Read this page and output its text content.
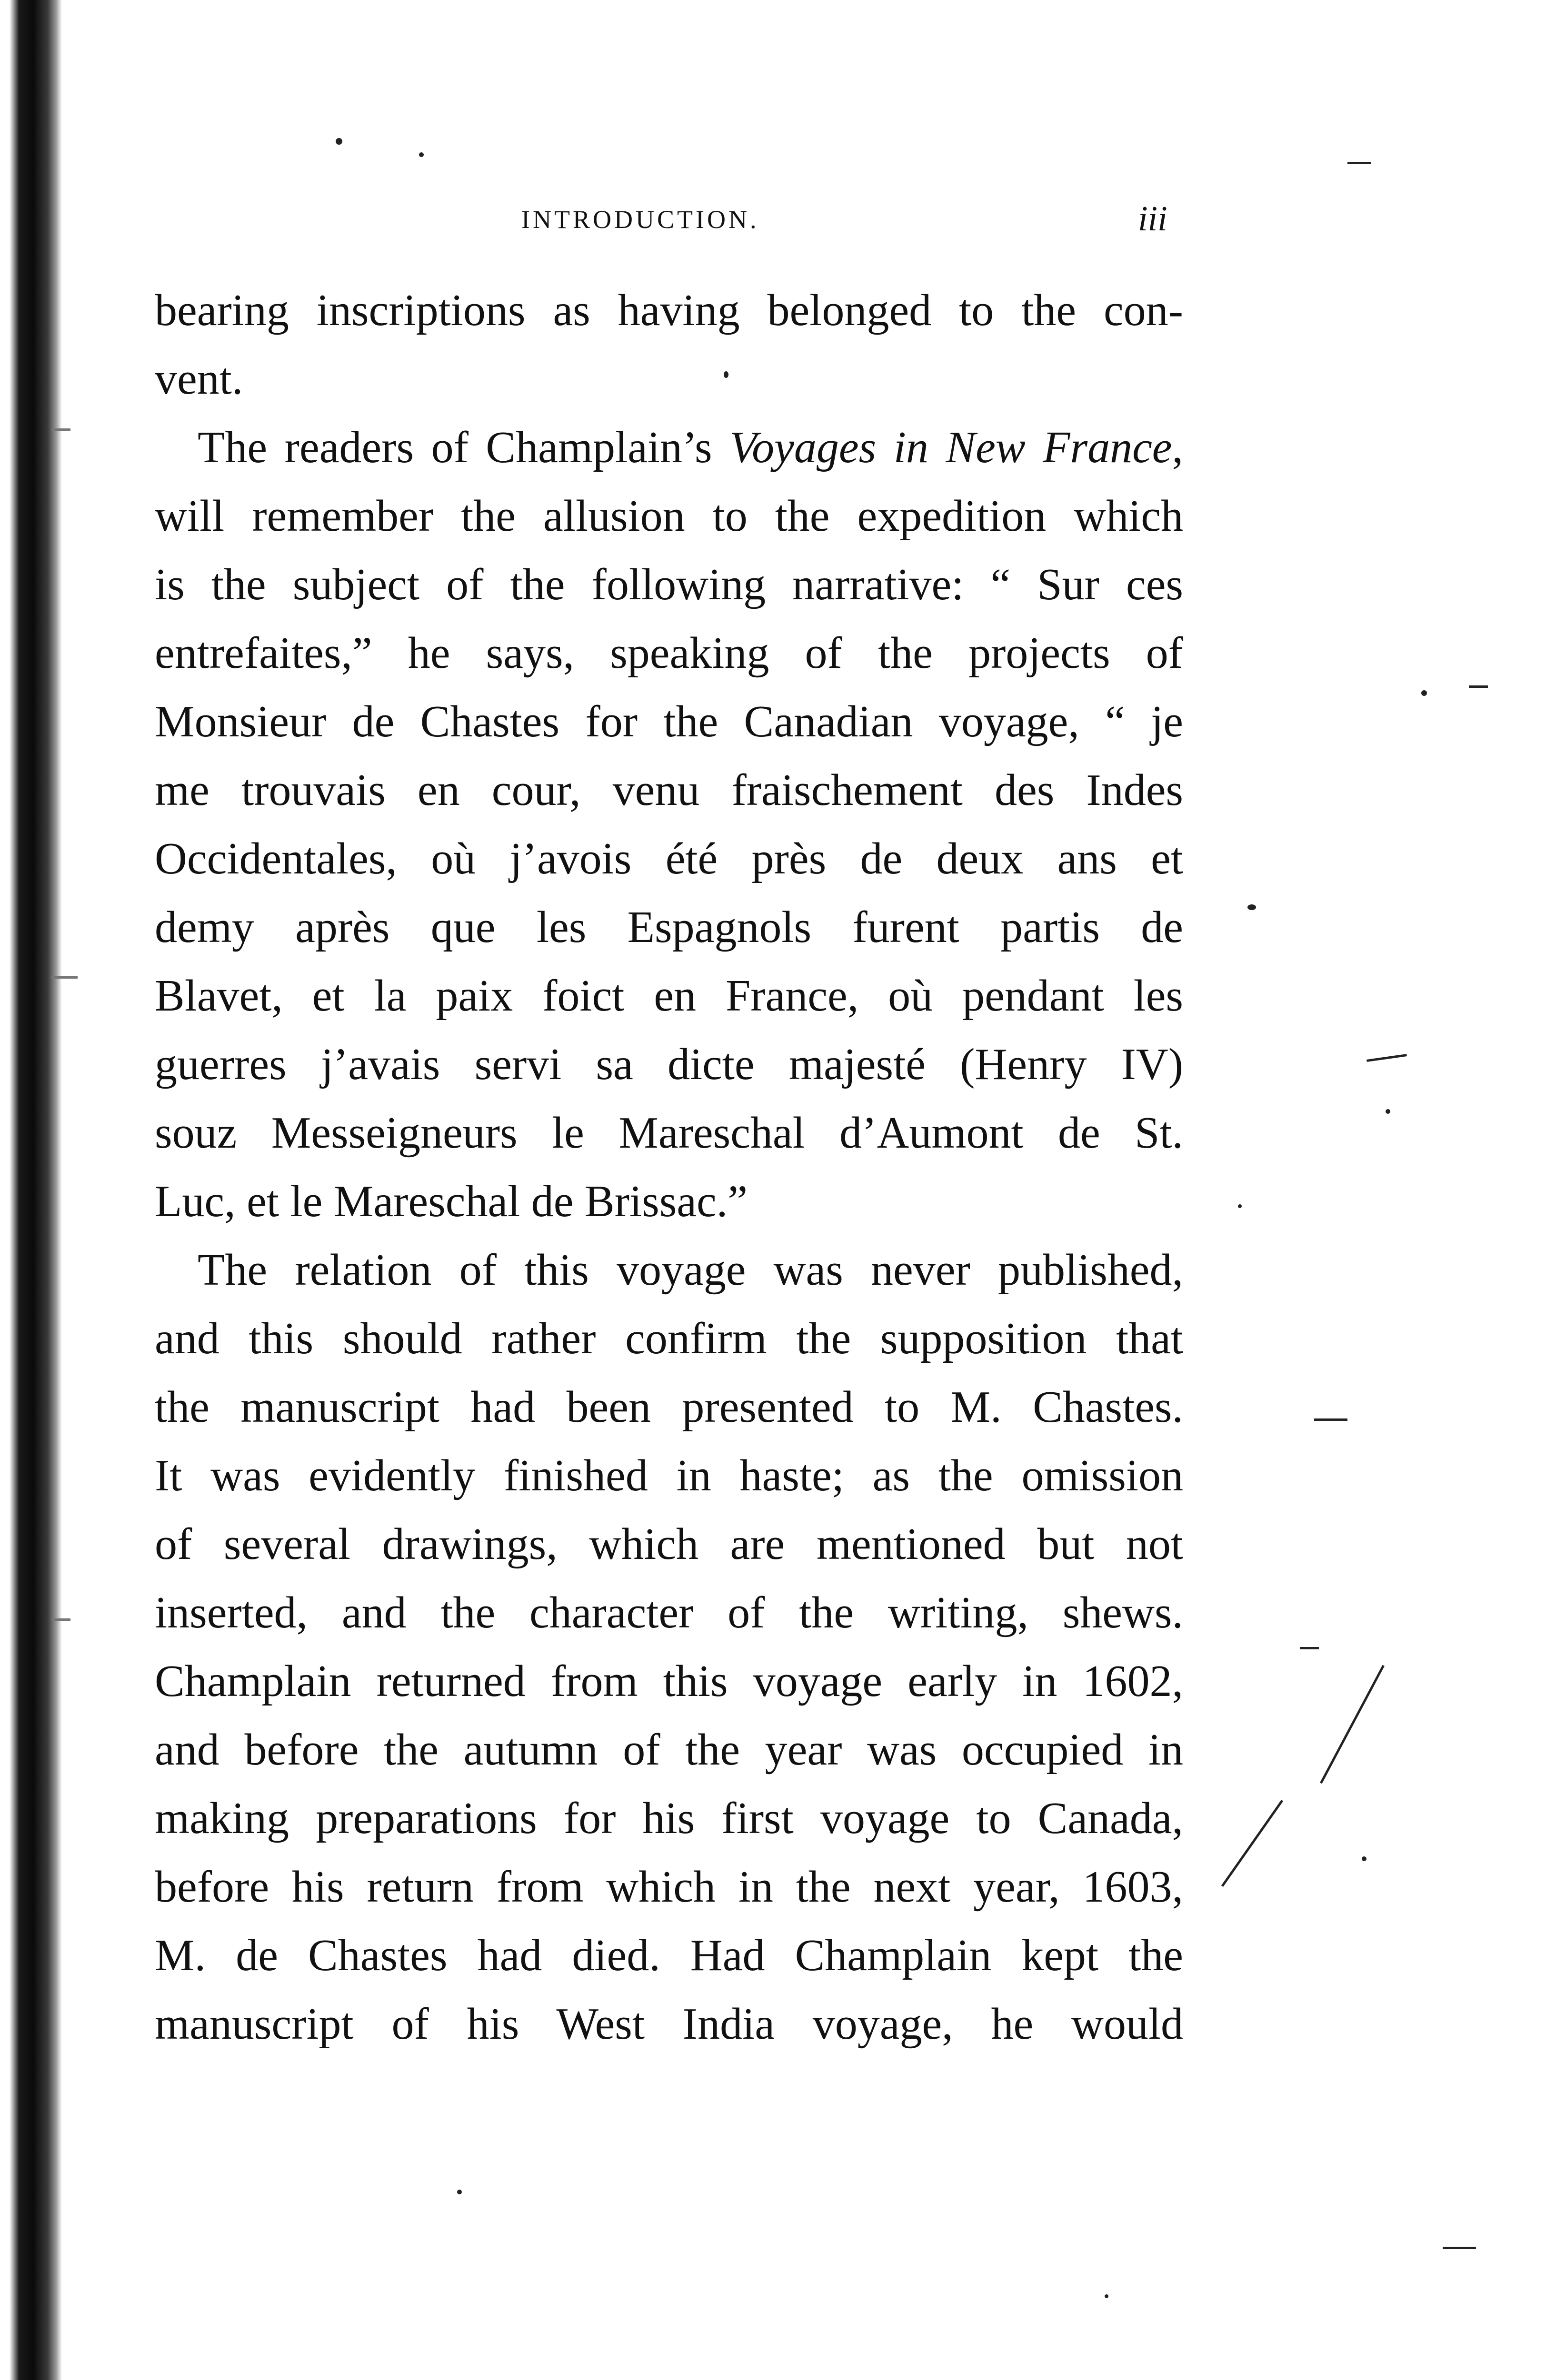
INTRODUCTION.	iii
bearing inscriptions as having belonged to the con-
vent.
The readers of Champlain’s Voyages in New France,
will remember the allusion to the expedition which
is the subject of the following narrative: “ Sur ces
entrefaites,” he says, speaking of the projects of
Monsieur de Chastes for the Canadian voyage, “ je
me trouvais en cour, venu fraischement des Indes
Occidentales, où j’avois été près de deux ans et
demy après que les Espagnols furent partis de
Blavet, et la paix foict en France, où pendant les
guerres j’avais servi sa dicte majesté (Henry IV)
souz Messeigneurs le Mareschal d’Aumont de St.
Luc, et le Mareschal de Brissac.”
The relation of this voyage was never published,
and this should rather confirm the supposition that
the manuscript had been presented to M. Chastes.
It was evidently finished in haste; as the omission
of several drawings, which are mentioned but not
inserted, and the character of the writing, shews.
Champlain returned from this voyage early in 1602,
and before the autumn of the year was occupied in
making preparations for his first voyage to Canada,
before his return from which in the next year, 1603,
M. de Chastes had died. Had Champlain kept the
manuscript of his West India voyage, he would
